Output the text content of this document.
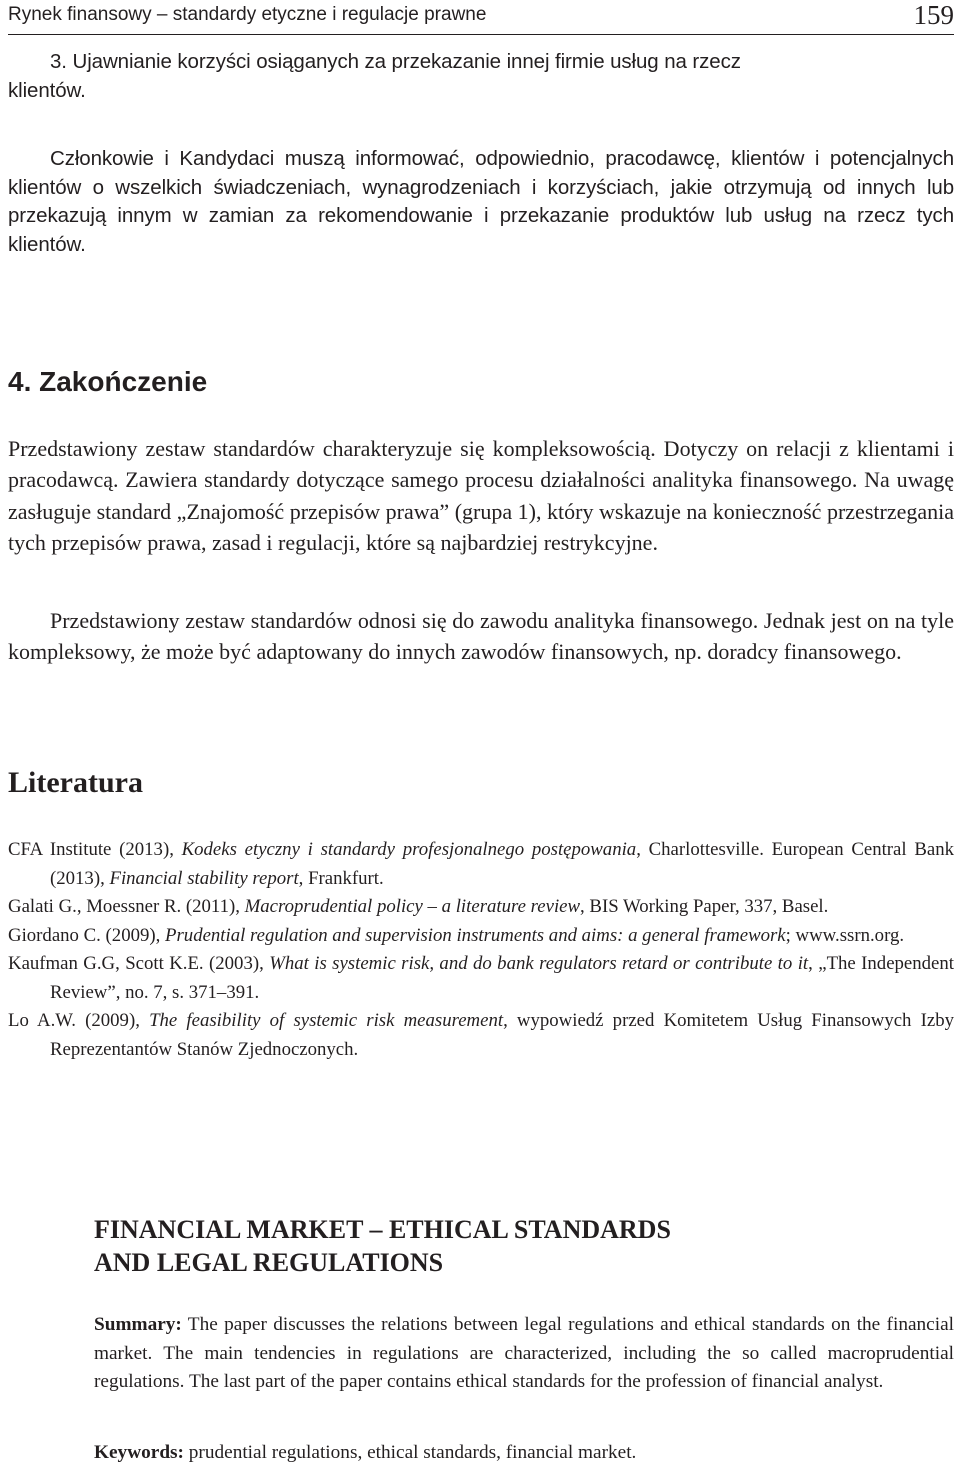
Rynek finansowy – standardy etyczne i regulacje prawne	159
3. Ujawnianie korzyści osiąganych za przekazanie innej firmie usług na rzecz
klientów.
Członkowie i Kandydaci muszą informować, odpowiednio, pracodawcę, klientów i potencjalnych klientów o wszelkich świadczeniach, wynagrodzeniach i korzyściach, jakie otrzymują od innych lub przekazują innym w zamian za rekomendowanie i przekazanie produktów lub usług na rzecz tych klientów.
4. Zakończenie
Przedstawiony zestaw standardów charakteryzuje się kompleksowością. Dotyczy on relacji z klientami i pracodawcą. Zawiera standardy dotyczące samego procesu działalności analityka finansowego. Na uwagę zasługuje standard „Znajomość przepisów prawa” (grupa 1), który wskazuje na konieczność przestrzegania tych przepisów prawa, zasad i regulacji, które są najbardziej restrykcyjne.
Przedstawiony zestaw standardów odnosi się do zawodu analityka finansowego. Jednak jest on na tyle kompleksowy, że może być adaptowany do innych zawodów finansowych, np. doradcy finansowego.
Literatura

CFA Institute (2013), Kodeks etyczny i standardy profesjonalnego postępowania, Charlottesville. European Central Bank (2013), Financial stability report, Frankfurt.

Galati G., Moessner R. (2011), Macroprudential policy – a literature review, BIS Working Paper, 337, Basel.

Giordano C. (2009), Prudential regulation and supervision instruments and aims: a general framework; www.ssrn.org.

Kaufman G.G, Scott K.E. (2003), What is systemic risk, and do bank regulators retard or contribute to it, „The Independent Review”, no. 7, s. 371–391.

Lo A.W. (2009), The feasibility of systemic risk measurement, wypowiedź przed Komitetem Usług Finansowych Izby Reprezentantów Stanów Zjednoczonych.

FINANCIAL MARKET – ETHICAL STANDARDS
AND LEGAL REGULATIONS
Summary: The paper discusses the relations between legal regulations and ethical standards on the financial market. The main tendencies in regulations are characterized, including the so called macroprudential regulations. The last part of the paper contains ethical standards for the profession of financial analyst.
Keywords: prudential regulations, ethical standards, financial market.
